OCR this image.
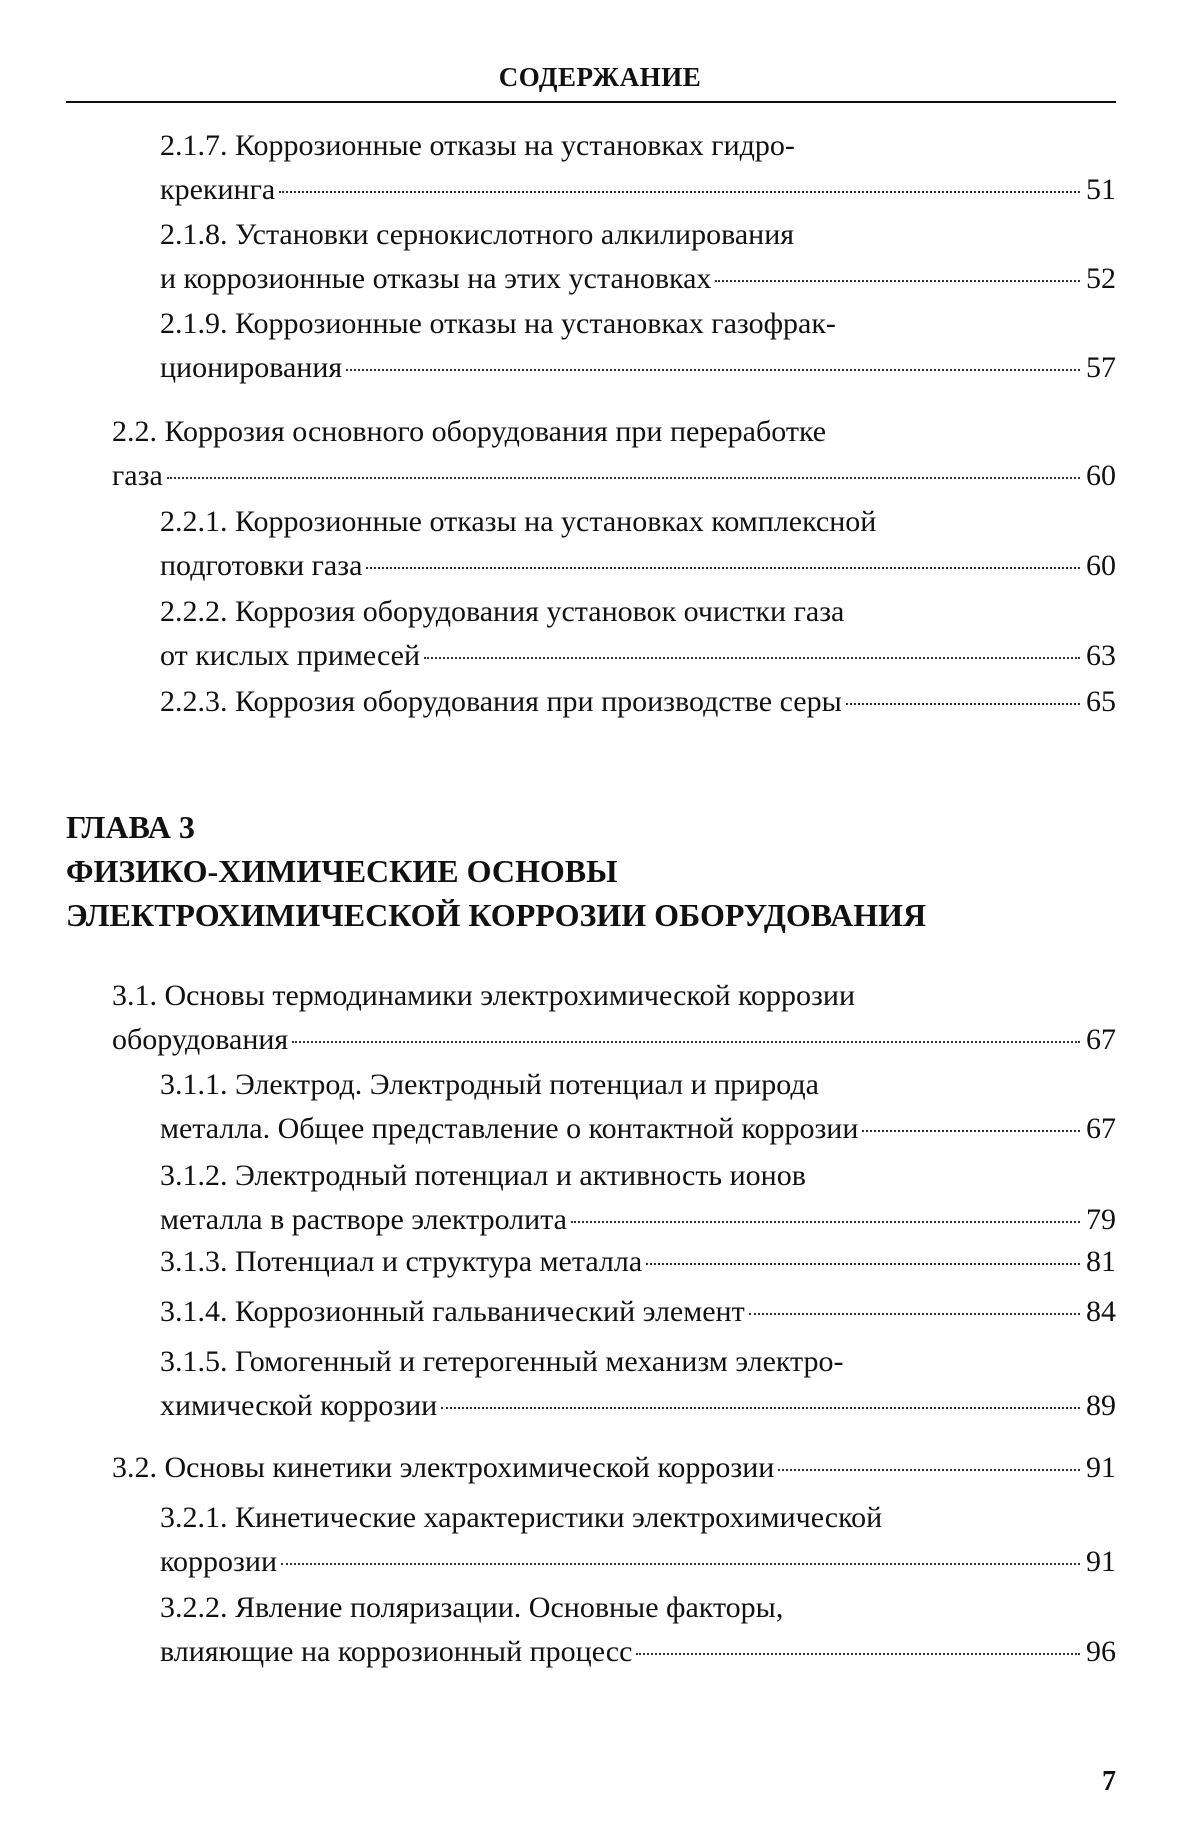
СОДЕРЖАНИЕ
2.1.7. Коррозионные отказы на установках гидро-
крекинга	51
2.1.8. Установки сернокислотного алкилирования
и коррозионные отказы на этих установках	52
2.1.9. Коррозионные отказы на установках газофрак-
ционирования	57
2.2. Коррозия основного оборудования при переработке
газа	60
2.2.1. Коррозионные отказы на установках комплексной
подготовки газа	60
2.2.2. Коррозия оборудования установок очистки газа
от кислых примесей	63
2.2.3. Коррозия оборудования при производстве серы	65
ГЛАВА 3
ФИЗИКО-ХИМИЧЕСКИЕ ОСНОВЫ
ЭЛЕКТРОХИМИЧЕСКОЙ КОРРОЗИИ ОБОРУДОВАНИЯ
3.1. Основы термодинамики электрохимической коррозии
оборудования	67
3.1.1. Электрод. Электродный потенциал и природа
металла. Общее представление о контактной коррозии	67
3.1.2. Электродный потенциал и активность ионов
металла в растворе электролита	79
3.1.3. Потенциал и структура металла	81
3.1.4. Коррозионный гальванический элемент	84
3.1.5. Гомогенный и гетерогенный механизм электро-
химической коррозии	89
3.2. Основы кинетики электрохимической коррозии	91
3.2.1. Кинетические характеристики электрохимической
коррозии	91
3.2.2. Явление поляризации. Основные факторы,
влияющие на коррозионный процесс	96
7
